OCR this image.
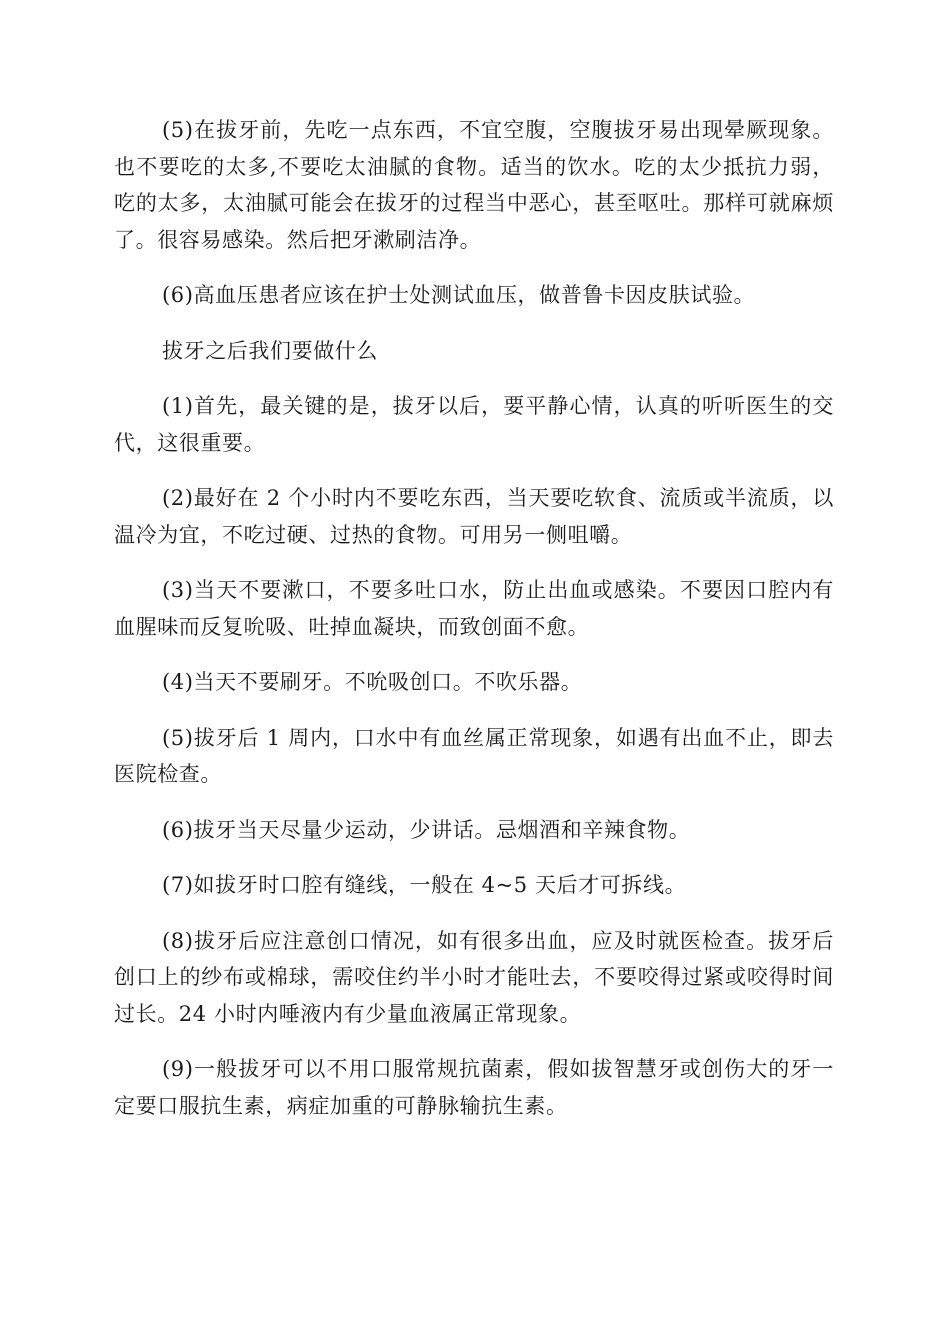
(5)在拔牙前，先吃一点东西，不宜空腹，空腹拔牙易出现晕厥现象。也不要吃的太多,不要吃太油腻的食物。适当的饮水。吃的太少抵抗力弱，吃的太多，太油腻可能会在拔牙的过程当中恶心，甚至呕吐。那样可就麻烦了。很容易感染。然后把牙漱刷洁净。

(6)高血压患者应该在护士处测试血压，做普鲁卡因皮肤试验。

拔牙之后我们要做什么

(1)首先，最关键的是，拔牙以后，要平静心情，认真的听听医生的交代，这很重要。

(2)最好在 2 个小时内不要吃东西，当天要吃软食、流质或半流质，以温冷为宜，不吃过硬、过热的食物。可用另一侧咀嚼。

(3)当天不要漱口，不要多吐口水，防止出血或感染。不要因口腔内有血腥味而反复吮吸、吐掉血凝块，而致创面不愈。

(4)当天不要刷牙。不吮吸创口。不吹乐器。

(5)拔牙后 1 周内，口水中有血丝属正常现象，如遇有出血不止，即去医院检查。

(6)拔牙当天尽量少运动，少讲话。忌烟酒和辛辣食物。

(7)如拔牙时口腔有缝线，一般在 4~5 天后才可拆线。

(8)拔牙后应注意创口情况，如有很多出血，应及时就医检查。拔牙后创口上的纱布或棉球，需咬住约半小时才能吐去，不要咬得过紧或咬得时间过长。24 小时内唾液内有少量血液属正常现象。

(9)一般拔牙可以不用口服常规抗菌素，假如拔智慧牙或创伤大的牙一定要口服抗生素，病症加重的可静脉输抗生素。
